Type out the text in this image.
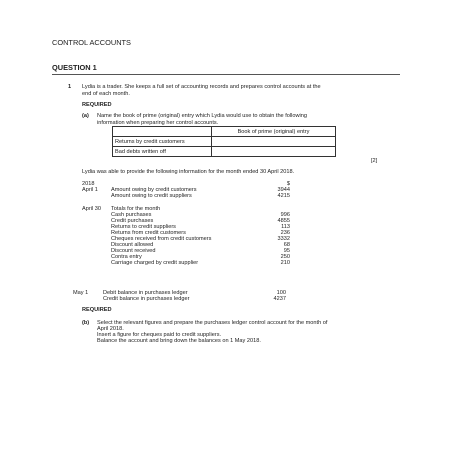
CONTROL ACCOUNTS
QUESTION 1
1 Lydia is a trader. She keeps a full set of accounting records and prepares control accounts at the
end of each month.
REQUIRED
(a) Name the book of prime (original) entry which Lydia would use to obtain the following
information when preparing her control accounts.
	Book of prime (original) entry
Returns by credit customers	
Bad debts written off	
[2]
Lydia was able to provide the following information for the month ended 30 April 2018.
2018	$
April 1 Amount owing by credit customers	3944
Amount owing to credit suppliers	4215
April 30 Totals for the month
Cash purchases	996
Credit purchases	4855
Returns to credit suppliers	113
Returns from credit customers	236
Cheques received from credit customers	3332
Discount allowed	68
Discount received	95
Contra entry	250
Carriage charged by credit supplier	210
May 1	Debit balance in purchases ledger	100
Credit balance in purchases ledger	4237
REQUIRED
(b) Select the relevant figures and prepare the purchases ledger control account for the month of
April 2018.
Insert a figure for cheques paid to credit suppliers.
Balance the account and bring down the balances on 1 May 2018.
